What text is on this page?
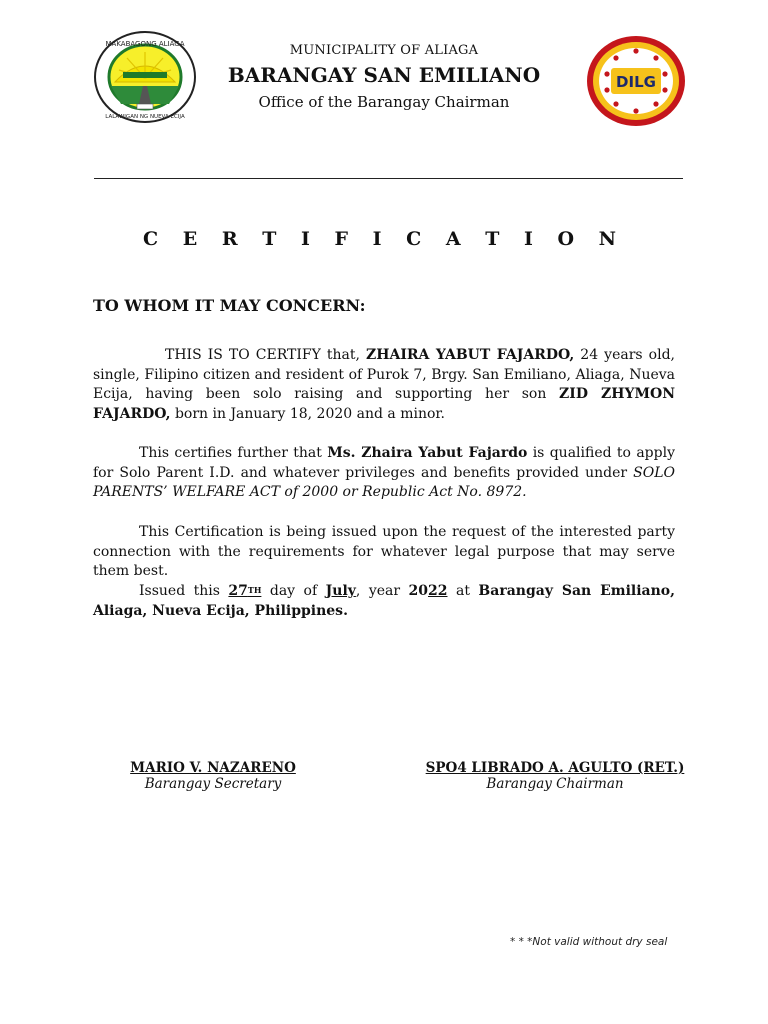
MAKABAGONG ALIAGA
LALAWIGAN NG NUEVA ECIJA
DILG
MUNICIPALITY OF ALIAGA
BARANGAY SAN EMILIANO
Office of the Barangay Chairman
C E R T I F I C A T I O N
TO WHOM IT MAY CONCERN:
THIS IS TO CERTIFY that, ZHAIRA YABUT FAJARDO, 24 years old, single, Filipino citizen and resident of Purok 7, Brgy. San Emiliano, Aliaga, Nueva Ecija, having been solo raising and supporting her son ZID ZHYMON FAJARDO, born in January 18, 2020 and a minor.
This certifies further that Ms. Zhaira Yabut Fajardo is qualified to apply for Solo Parent I.D. and whatever privileges and benefits provided under SOLO PARENTS’ WELFARE ACT of 2000 or Republic Act No. 8972.
This Certification is being issued upon the request of the interested party connection with the requirements for whatever legal purpose that may serve them best.
Issued this 27TH day of July, year 2022 at Barangay San Emiliano, Aliaga, Nueva Ecija, Philippines.
MARIO V. NAZARENO
Barangay Secretary
SPO4 LIBRADO A. AGULTO (RET.)
Barangay Chairman
* * *Not valid without dry seal
